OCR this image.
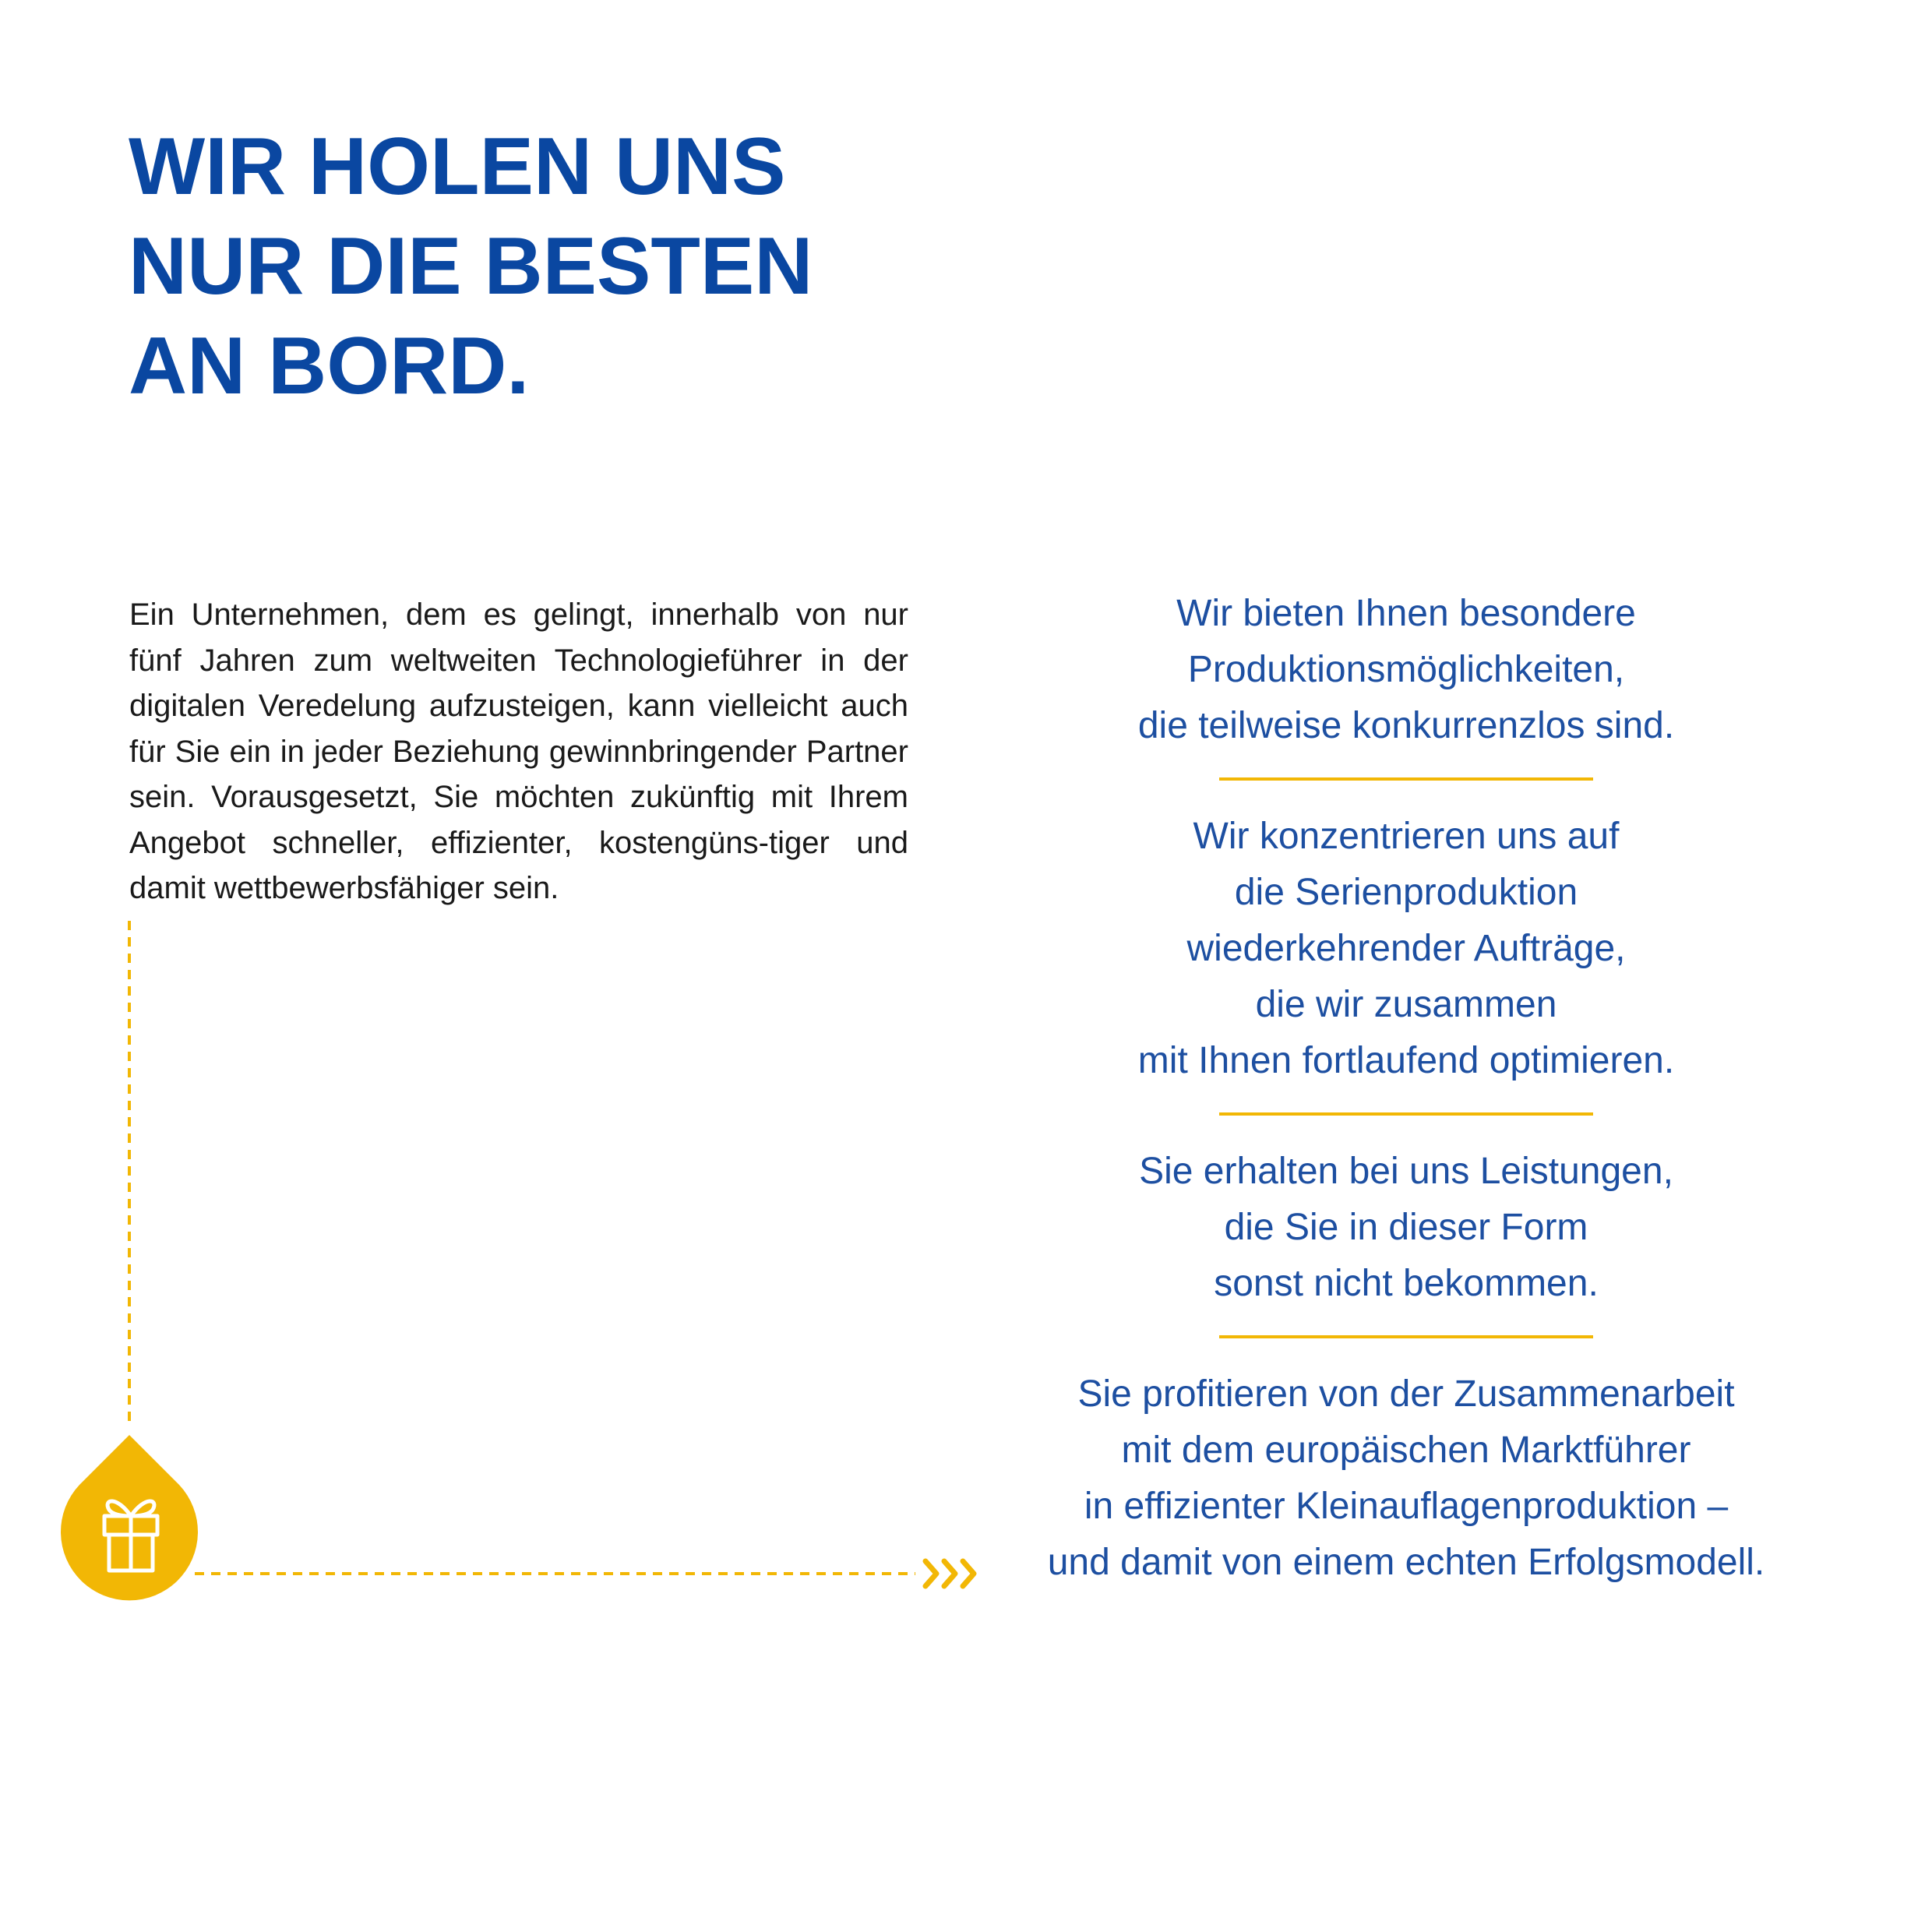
WIR HOLEN UNS
NUR DIE BESTEN
AN BORD.

Ein Unternehmen, dem es gelingt, innerhalb von nur fünf Jahren zum weltweiten Technologieführer in der digitalen Veredelung aufzusteigen, kann vielleicht auch für Sie ein in jeder Beziehung gewinnbringender Partner sein. Vorausgesetzt, Sie möchten zukünftig mit Ihrem Angebot schneller, effizienter, kostengüns-tiger und damit wettbewerbsfähiger sein.

Wir bieten Ihnen besondere
Produktionsmöglichkeiten,
die teilweise konkurrenzlos sind.

Wir konzentrieren uns auf
die Serienproduktion
wiederkehrender Aufträge,
die wir zusammen
mit Ihnen fortlaufend optimieren.

Sie erhalten bei uns Leistungen,
die Sie in dieser Form
sonst nicht bekommen.

Sie profitieren von der Zusammenarbeit
mit dem europäischen Marktführer
in effizienter Kleinauflagenproduktion –
und damit von einem echten Erfolgsmodell.
